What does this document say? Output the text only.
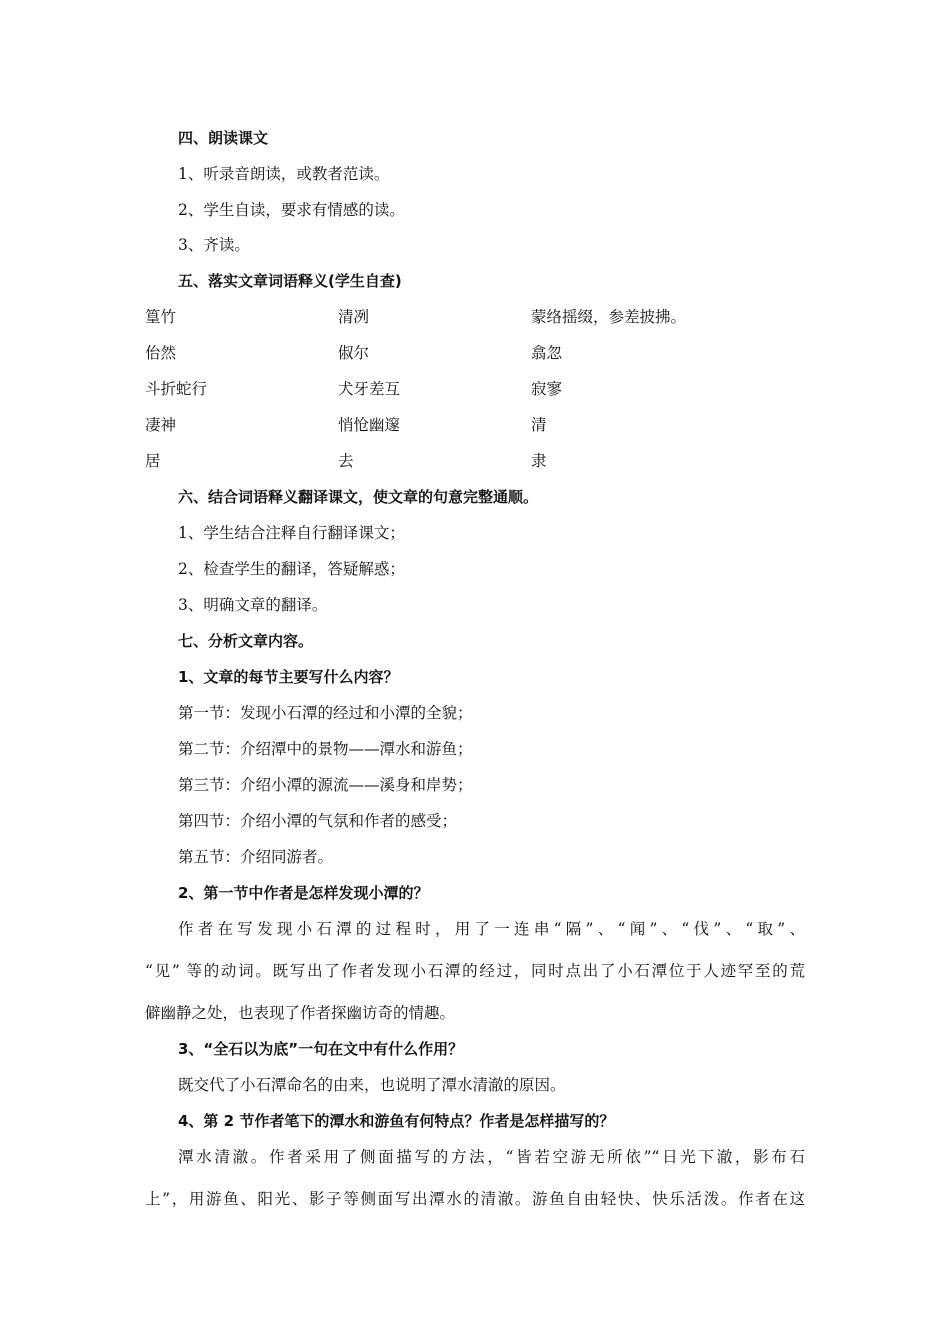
四、朗读课文
1、听录音朗读，或教者范读。
2、学生自读，要求有情感的读。
3、齐读。
五、落实文章词语释义(学生自查)
篁竹	清冽	蒙络摇缀，参差披拂。
佁然	俶尔	翕忽
斗折蛇行	犬牙差互	寂寥
凄神	悄怆幽邃	清
居	去	隶
六、结合词语释义翻译课文，使文章的句意完整通顺。
1、学生结合注释自行翻译课文；
2、检查学生的翻译，答疑解惑；
3、明确文章的翻译。
七、分析文章内容。
1、文章的每节主要写什么内容？
第一节：发现小石潭的经过和小潭的全貌；
第二节：介绍潭中的景物——潭水和游鱼；
第三节：介绍小潭的源流——溪身和岸势；
第四节：介绍小潭的气氛和作者的感受；
第五节：介绍同游者。
2、第一节中作者是怎样发现小潭的？
作者在写发现小石潭的过程时，用了一连串“隔”、“闻”、“伐”、“取”、
“见” 等的动词。既写出了作者发现小石潭的经过，同时点出了小石潭位于人迹罕至的荒
僻幽静之处，也表现了作者探幽访奇的情趣。
3、“全石以为底”一句在文中有什么作用？
既交代了小石潭命名的由来，也说明了潭水清澈的原因。
4、第 2 节作者笔下的潭水和游鱼有何特点？作者是怎样描写的？
潭水清澈。作者采用了侧面描写的方法，“皆若空游无所依”“日光下澈，影布石
上”，用游鱼、阳光、影子等侧面写出潭水的清澈。游鱼自由轻快、快乐活泼。作者在这
